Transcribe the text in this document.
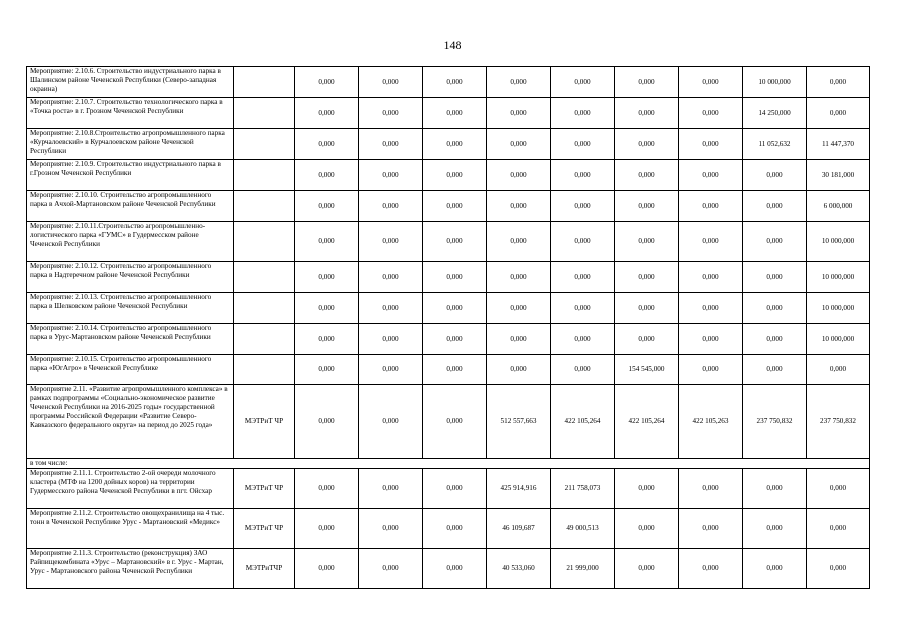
148
Мероприятие: 2.10.6. Строительство индустриального парка в Шалинском районе Чеченской Республики (Северо-западная окраина)		0,000	0,000	0,000	0,000	0,000	0,000	0,000	10 000,000	0,000
Мероприятие: 2.10.7. Строительство технологического парка в «Точка роста» в г. Грозном Чеченской Республики		0,000	0,000	0,000	0,000	0,000	0,000	0,000	14 250,000	0,000
Мероприятие: 2.10.8.Строительство агропромышленного парка «Курчалоевский» в Курчалоевском районе Чеченской Республики		0,000	0,000	0,000	0,000	0,000	0,000	0,000	11 052,632	11 447,370
Мероприятие: 2.10.9. Строительство индустриального парка в г.Грозном Чеченской Республики		0,000	0,000	0,000	0,000	0,000	0,000	0,000	0,000	30 181,000
Мероприятие: 2.10.10. Строительство агропромышленного парка в Ачхой-Мартановском районе Чеченской Республики		0,000	0,000	0,000	0,000	0,000	0,000	0,000	0,000	6 000,000
Мероприятие: 2.10.11.Строительство агропромышленно- логистического парка «ГУМС» в Гудермесском районе Чеченской Республики		0,000	0,000	0,000	0,000	0,000	0,000	0,000	0,000	10 000,000
Мероприятие: 2.10.12. Строительство агропромышленного парка в Надтеречном районе Чеченской Республики		0,000	0,000	0,000	0,000	0,000	0,000	0,000	0,000	10 000,000
Мероприятие: 2.10.13. Строительство агропромышленного парка в Шелковском районе Чеченской Республики		0,000	0,000	0,000	0,000	0,000	0,000	0,000	0,000	10 000,000
Мероприятие: 2.10.14. Строительство агропромышленного парка в Урус-Мартановском районе Чеченской Республики		0,000	0,000	0,000	0,000	0,000	0,000	0,000	0,000	10 000,000
Мероприятие: 2.10.15. Строительство агропромышленного парка «ЮгАгро» в Чеченской Республике		0,000	0,000	0,000	0,000	0,000	154 545,000	0,000	0,000	0,000
Мероприятие 2.11. «Развитие агропромышленного комплекса» в рамках подпрограммы «Социально-экономическое развитие Чеченской Республики на 2016-2025 годы» государственной программы Российской Федерации «Развитие Северо-Кавказского федерального округа» на период до 2025 года»	МЭТРиТ ЧР	0,000	0,000	0,000	512 557,663	422 105,264	422 105,264	422 105,263	237 750,832	237 750,832
в том числе:										
Мероприятие 2.11.1. Строительство 2-ой очереди молочного кластера (МТФ на 1200 дойных коров) на территории Гудермесского района Чеченской Республики в пгт. Ойсхар	МЭТРиТ ЧР	0,000	0,000	0,000	425 914,916	211 758,073	0,000	0,000	0,000	0,000
Мероприятие 2.11.2. Строительство овощехранилища на 4 тыс. тонн в Чеченской Республике Урус - Мартановский «Медикс»	МЭТРиТ ЧР	0,000	0,000	0,000	46 109,687	49 000,513	0,000	0,000	0,000	0,000
Мероприятие 2.11.3. Строительство (реконструкция) ЗАО Райпищекомбината «Урус – Мартановский» в г. Урус - Мартан, Урус - Мартановского района Чеченской Республики	МЭТРиТЧР	0,000	0,000	0,000	40 533,060	21 999,000	0,000	0,000	0,000	0,000
